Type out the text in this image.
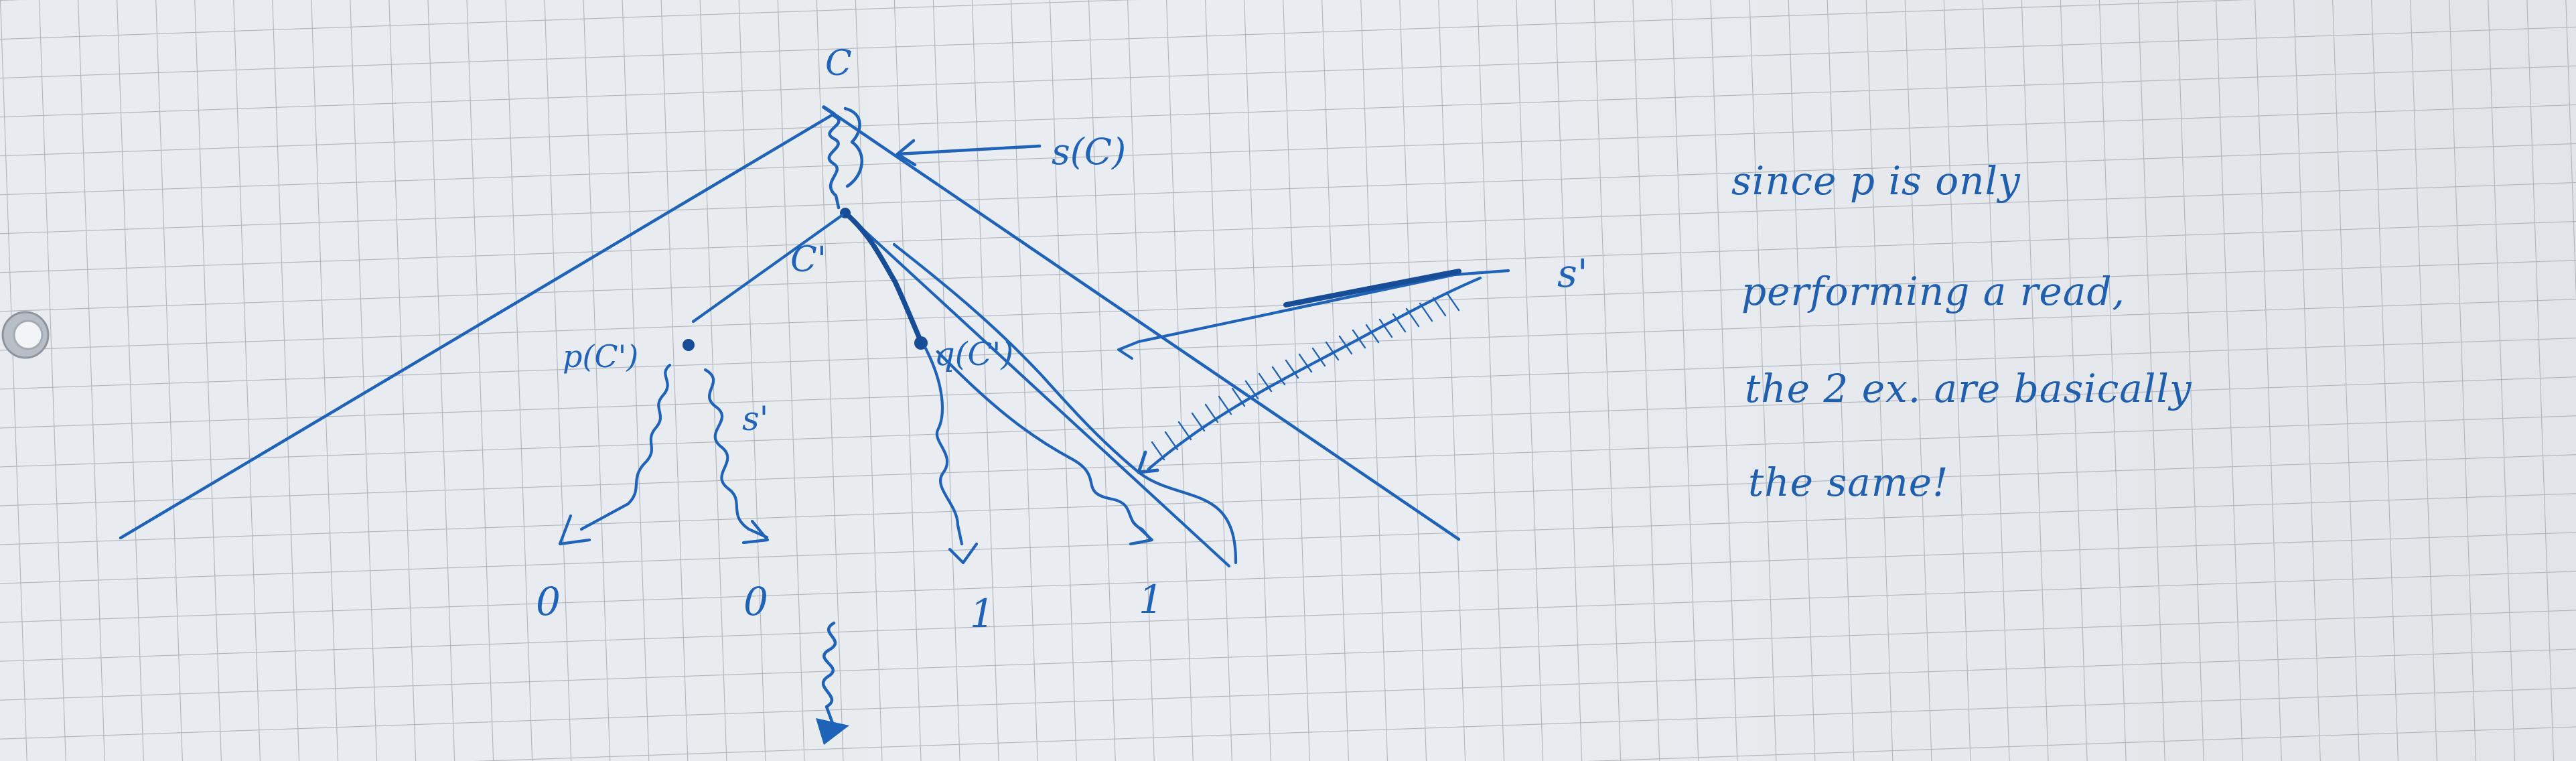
C
s(C)
C'
p(C')	q(C')
s'
s'
0	0	1	1
since p is only
performing a read,
the 2 ex. are basically
the same!
